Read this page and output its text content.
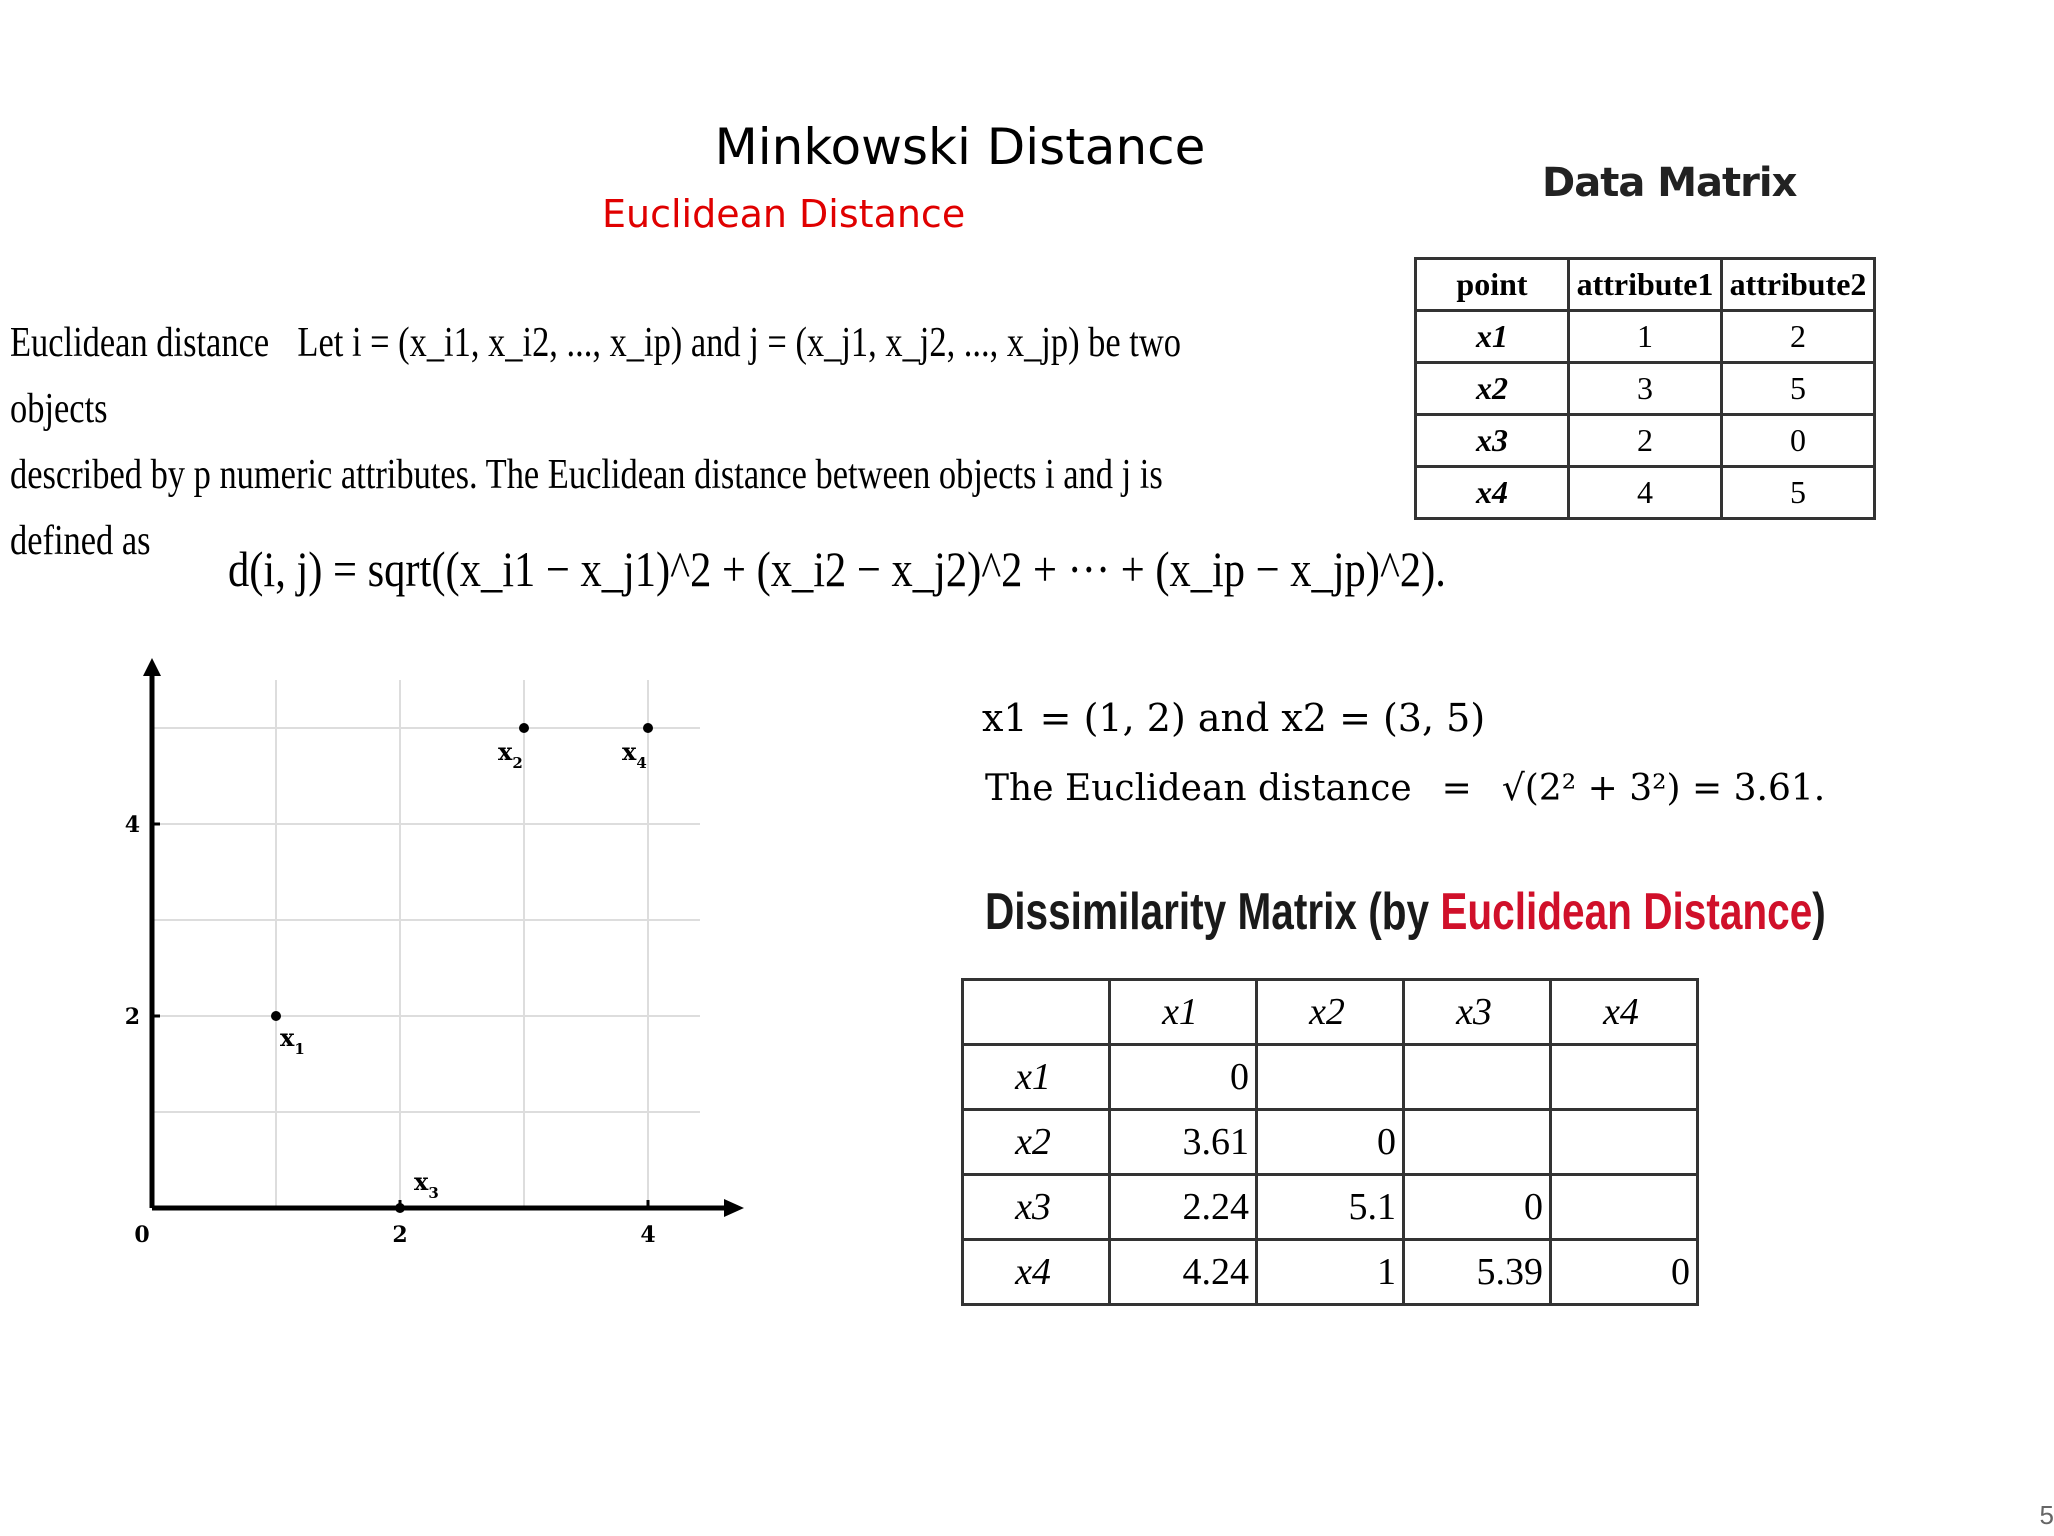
Minkowski Distance
Euclidean Distance
Euclidean distance Let i = (x_i1, x_i2, ..., x_ip) and j = (x_j1, x_j2, ..., x_jp) be two objects
described by p numeric attributes. The Euclidean distance between objects i and j is
defined as	d(i, j) = sqrt((x_i1 − x_j1)^2 + (x_i2 − x_j2)^2 + ··· + (x_ip − x_jp)^2).
Data Matrix
point	attribute1	attribute2
x1	1	2
x2	3	5
x3	2	0
x4	4	5
0	2	4
2
4
$x_1$
$x_2$
$x_3$
$x_4$
x1 = (1, 2) and x2 = (3, 5)
The Euclidean distance = √(2² + 3²) = 3.61.
Dissimilarity Matrix (by Euclidean Distance)
	x1	x2	x3	x4
x1	0			
x2	3.61	0		
x3	2.24	5.1	0	
x4	4.24	1	5.39	0
5
